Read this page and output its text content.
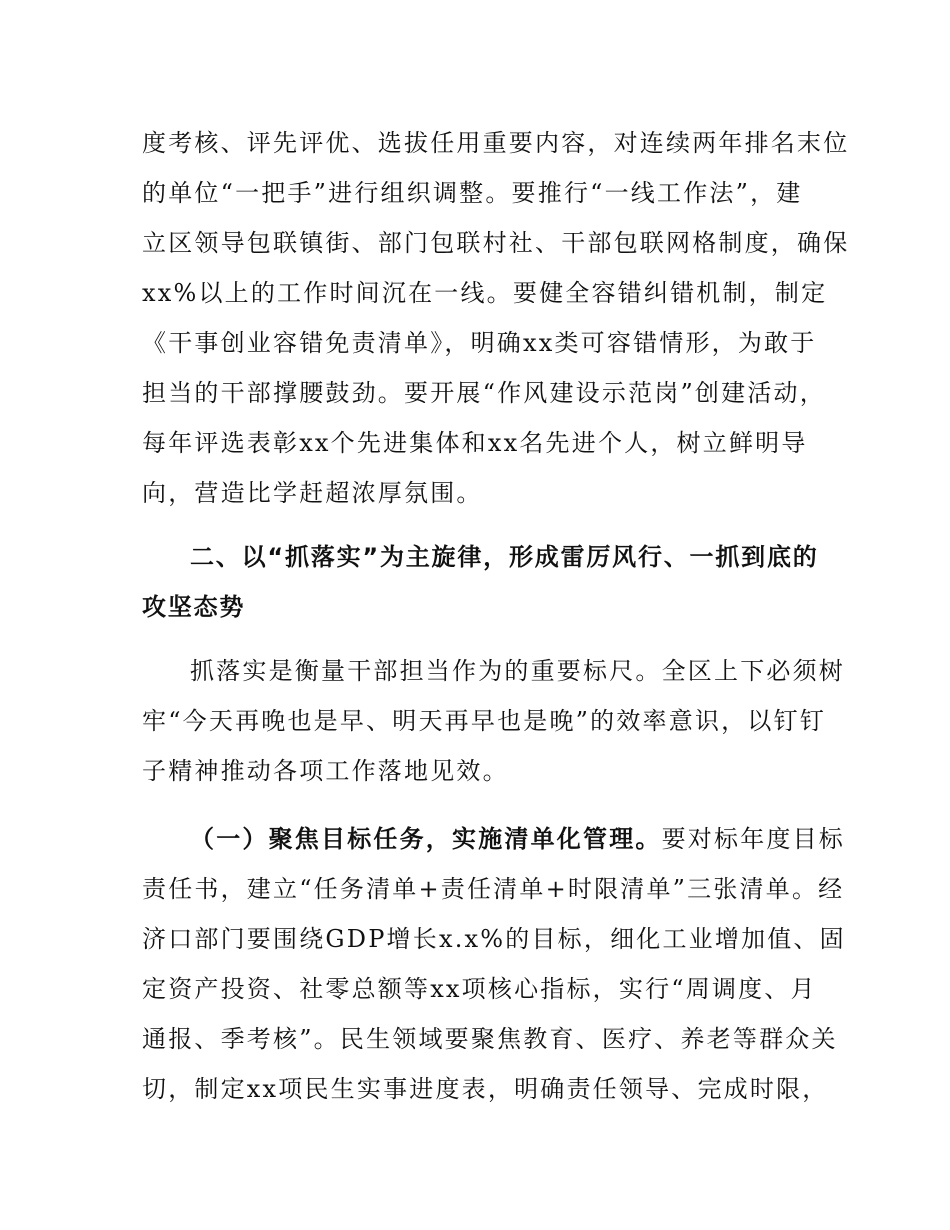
度考核、评先评优、选拔任用重要内容，对连续两年排名末位
的单位“一把手”进行组织调整。要推行“一线工作法”，建
立区领导包联镇街、部门包联村社、干部包联网格制度，确保
xx%以上的工作时间沉在一线。要健全容错纠错机制，制定
《干事创业容错免责清单》，明确xx类可容错情形，为敢于
担当的干部撑腰鼓劲。要开展“作风建设示范岗”创建活动，
每年评选表彰xx个先进集体和xx名先进个人，树立鲜明导
向，营造比学赶超浓厚氛围。
二、以“抓落实”为主旋律，形成雷厉风行、一抓到底的
攻坚态势
抓落实是衡量干部担当作为的重要标尺。全区上下必须树
牢“今天再晚也是早、明天再早也是晚”的效率意识，以钉钉
子精神推动各项工作落地见效。
（一）聚焦目标任务，实施清单化管理。要对标年度目标
责任书，建立“任务清单+责任清单+时限清单”三张清单。经
济口部门要围绕GDP增长x.x%的目标，细化工业增加值、固
定资产投资、社零总额等xx项核心指标，实行“周调度、月
通报、季考核”。民生领域要聚焦教育、医疗、养老等群众关
切，制定xx项民生实事进度表，明确责任领导、完成时限，
